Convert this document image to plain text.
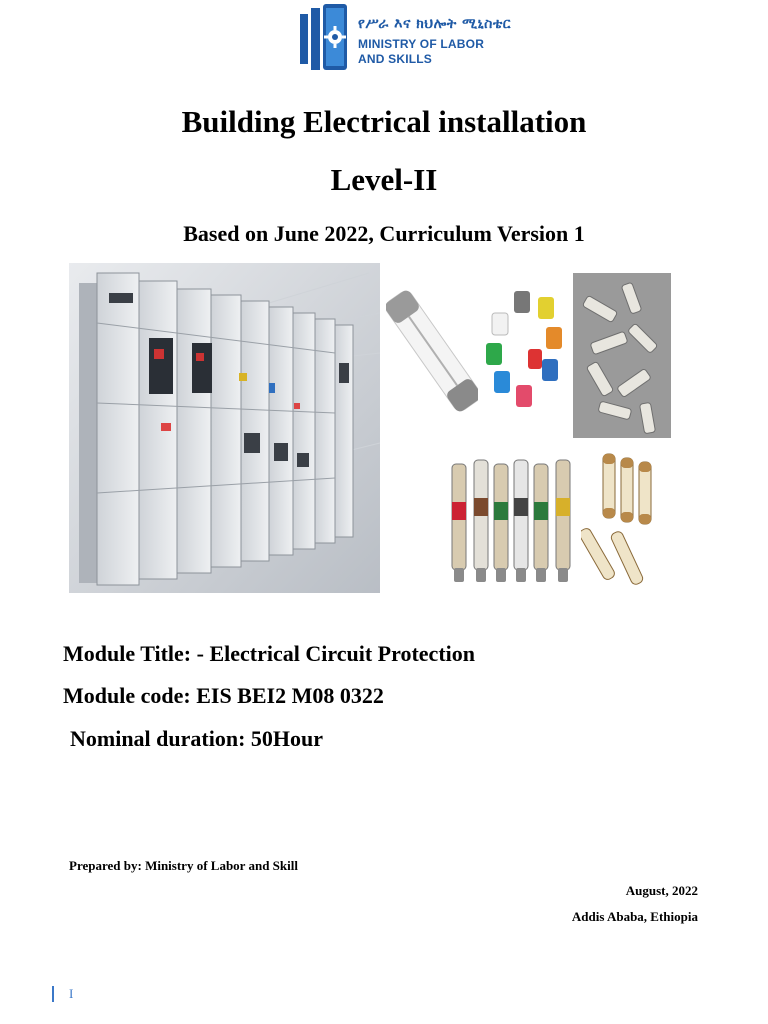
የሥራ እና ክህሎት ሚኒስቴር
MINISTRY OF LABOR
AND SKILLS
Building Electrical installation
Level-II
Based on June 2022, Curriculum Version 1
Module Title: - Electrical Circuit Protection
Module code: EIS BEI2 M08 0322
Nominal duration: 50Hour
Prepared by: Ministry of Labor and Skill
August, 2022
Addis Ababa, Ethiopia
I
